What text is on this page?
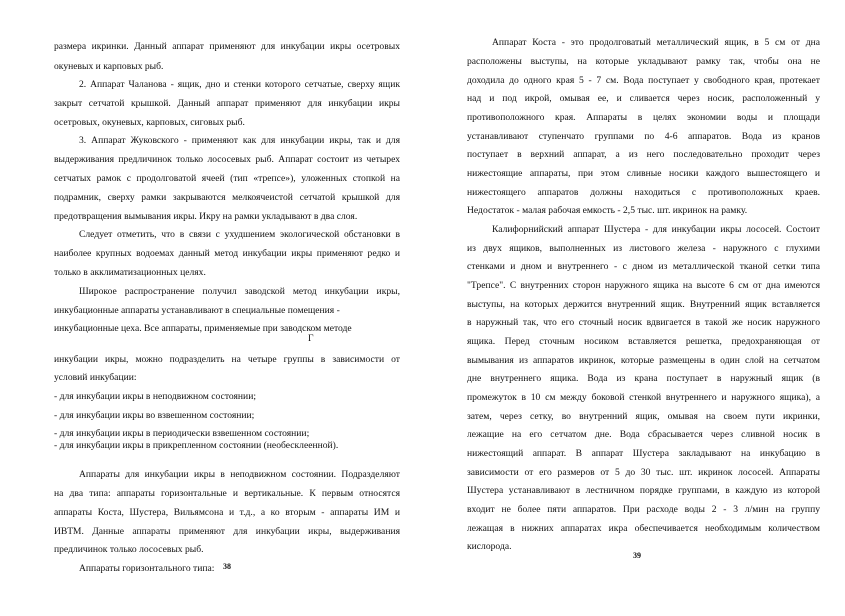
размера икринки. Данный аппарат применяют для инкубации икры осетровых
окуневых и карповых рыб.
2. Аппарат Чаланова - ящик, дно и стенки которого сетчатые, сверху ящик
закрыт сетчатой крышкой. Данный аппарат применяют для инкубации икры
осетровых, окуневых, карповых, сиговых рыб.
3. Аппарат Жуковского - применяют как для инкубации икры, так и для
выдерживания предличинок только лососевых рыб. Аппарат состоит из четырех
сетчатых рамок с продолговатой ячеей (тип «трепсе»), уложенных стопкой на
подрамник, сверху рамки закрываются мелкоячеистой сетчатой крышкой для
предотвращения вымывания икры. Икру на рамки укладывают в два слоя.
Следует отметить, что в связи с ухудшением экологической обстановки в
наиболее крупных водоемах данный метод инкубации икры применяют редко и
только в акклиматизационных целях.
Широкое распространение получил заводской метод инкубации икры,
инкубационные аппараты устанавливают в специальные помещения -
инкубационные цеха. Все аппараты, применяемые при заводском методе
инкубации икры, можно подразделить на четыре группы в зависимости от
условий инкубации:
- для инкубации икры в неподвижном состоянии;
- для инкубации икры во взвешенном состоянии;
- для инкубации икры в периодически взвешенном состоянии;
- для инкубации икры в прикрепленном состоянии (необесклеенной).
Аппараты для инкубации икры в неподвижном состоянии. Подразделяют
на два типа: аппараты горизонтальные и вертикальные. К первым относятся
аппараты Коста, Шустера, Вильямсона и т.д., а ко вторым - аппараты ИМ и
ИВТМ. Данные аппараты применяют для инкубации икры, выдерживания
предличинок только лососевых рыб.
Аппараты горизонтального типа:
Аппарат Коста - это продолговатый металлический ящик, в 5 см от дна
расположены выступы, на которые укладывают рамку так, чтобы она не
доходила до одного края 5 - 7 см. Вода поступает у свободного края, протекает
над и под икрой, омывая ее, и сливается через носик, расположенный у
противоположного края. Аппараты в целях экономии воды и площади
устанавливают ступенчато группами по 4-6 аппаратов. Вода из кранов
поступает в верхний аппарат, а из него последовательно проходит через
нижестоящие аппараты, при этом сливные носики каждого вышестоящего и
нижестоящего аппаратов должны находиться с противоположных краев.
Недостаток - малая рабочая емкость - 2,5 тыс. шт. икринок на рамку.
Калифорнийский аппарат Шустера - для инкубации икры лососей. Состоит
из двух ящиков, выполненных из листового железа - наружного с глухими
стенками и дном и внутреннего - с дном из металлической тканой сетки типа
"Трепсе". С внутренних сторон наружного ящика на высоте 6 см от дна имеются
выступы, на которых держится внутренний ящик. Внутренний ящик вставляется
в наружный так, что его сточный носик вдвигается в такой же носик наружного
ящика. Перед сточным носиком вставляется решетка, предохраняющая от
вымывания из аппаратов икринок, которые размещены в один слой на сетчатом
дне внутреннего ящика. Вода из крана поступает в наружный ящик (в
промежуток в 10 см между боковой стенкой внутреннего и наружного ящика), а
затем, через сетку, во внутренний ящик, омывая на своем пути икринки,
лежащие на его сетчатом дне. Вода сбрасывается через сливной носик в
нижестоящий аппарат. В аппарат Шустера закладывают на инкубацию в
зависимости от его размеров от 5 до 30 тыс. шт. икринок лососей. Аппараты
Шустера устанавливают в лестничном порядке группами, в каждую из которой
входит не более пяти аппаратов. При расходе воды 2 - 3 л/мин на группу
лежащая в нижних аппаратах икра обеспечивается необходимым количеством
кислорода.
Г
38
39
